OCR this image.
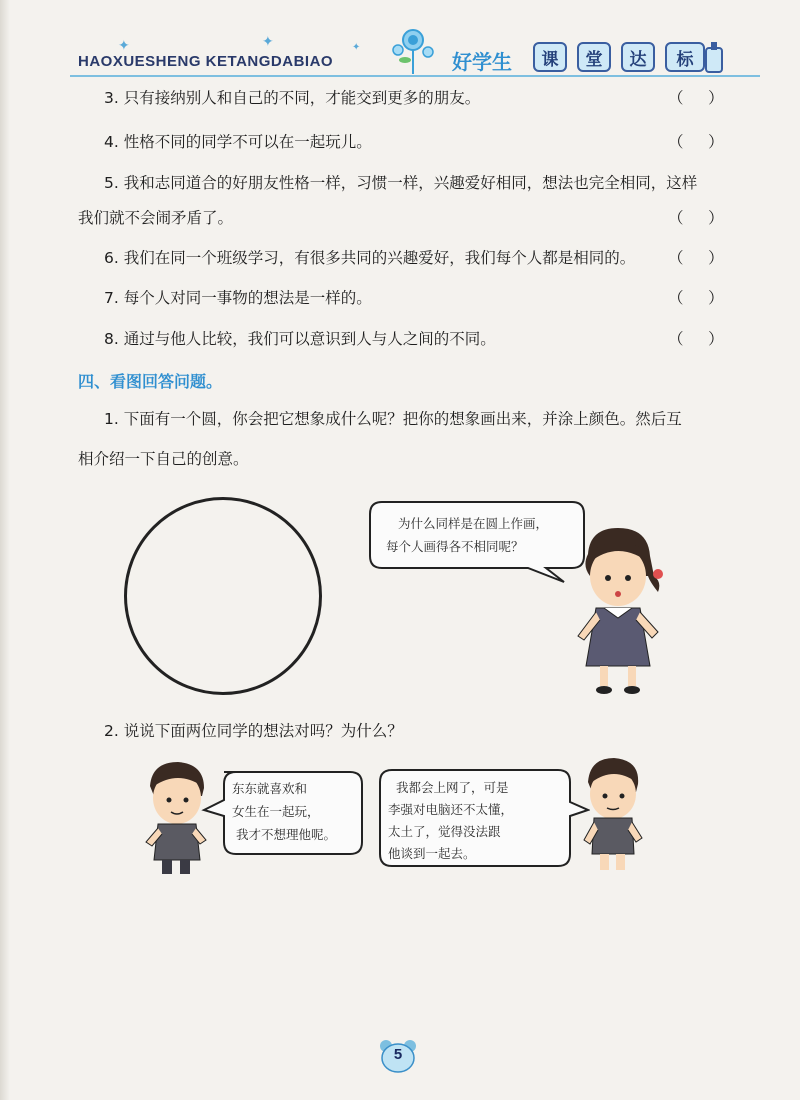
✦	✦	✦
HAOXUESHENG KETANGDABIAO	好学生	课	堂	达	标
3. 只有接纳别人和自己的不同，才能交到更多的朋友。	（     ）
4. 性格不同的同学不可以在一起玩儿。	（     ）
5. 我和志同道合的好朋友性格一样，习惯一样，兴趣爱好相同，想法也完全相同，这样
我们就不会闹矛盾了。	（     ）
6. 我们在同一个班级学习，有很多共同的兴趣爱好，我们每个人都是相同的。 （     ）
7. 每个人对同一事物的想法是一样的。	（     ）
8. 通过与他人比较，我们可以意识到人与人之间的不同。	（     ）
四、看图回答问题。
1. 下面有一个圆，你会把它想象成什么呢？把你的想象画出来，并涂上颜色。然后互
相介绍一下自己的创意。
为什么同样是在圆上作画，
每个人画得各不相同呢？
2. 说说下面两位同学的想法对吗？为什么？
东东就喜欢和
女生在一起玩，
我才不想理他呢。
我都会上网了，可是
李强对电脑还不太懂，
太土了，觉得没法跟
他谈到一起去。
5
